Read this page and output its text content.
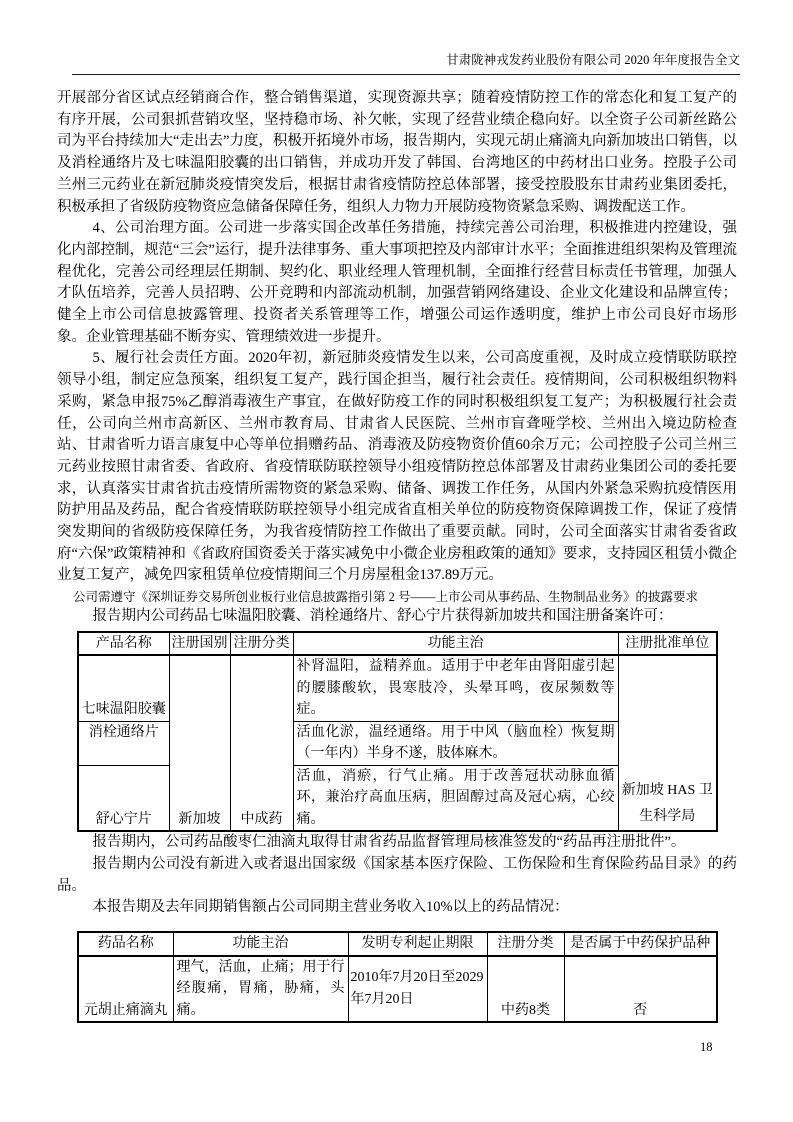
甘肃陇神戎发药业股份有限公司 2020 年年度报告全文

开展部分省区试点经销商合作，整合销售渠道，实现资源共享；随着疫情防控工作的常态化和复工复产的有序开展，公司狠抓营销攻坚，坚持稳市场、补欠帐，实现了经营业绩企稳向好。以全资子公司新丝路公司为平台持续加大“走出去”力度，积极开拓境外市场，报告期内，实现元胡止痛滴丸向新加坡出口销售，以及消栓通络片及七味温阳胶囊的出口销售，并成功开发了韩国、台湾地区的中药材出口业务。控股子公司兰州三元药业在新冠肺炎疫情突发后，根据甘肃省疫情防控总体部署，接受控股股东甘肃药业集团委托，积极承担了省级防疫物资应急储备保障任务，组织人力物力开展防疫物资紧急采购、调拨配送工作。

4、公司治理方面。公司进一步落实国企改革任务措施，持续完善公司治理，积极推进内控建设，强化内部控制，规范“三会”运行，提升法律事务、重大事项把控及内部审计水平；全面推进组织架构及管理流程优化，完善公司经理层任期制、契约化、职业经理人管理机制，全面推行经营目标责任书管理，加强人才队伍培养，完善人员招聘、公开竞聘和内部流动机制，加强营销网络建设、企业文化建设和品牌宣传；健全上市公司信息披露管理、投资者关系管理等工作，增强公司运作透明度，维护上市公司良好市场形象。企业管理基础不断夯实、管理绩效进一步提升。

5、履行社会责任方面。2020年初，新冠肺炎疫情发生以来，公司高度重视，及时成立疫情联防联控领导小组，制定应急预案，组织复工复产，践行国企担当，履行社会责任。疫情期间，公司积极组织物料采购，紧急申报75%乙醇消毒液生产事宜，在做好防疫工作的同时积极组织复工复产；为积极履行社会责任，公司向兰州市高新区、兰州市教育局、甘肃省人民医院、兰州市盲聋哑学校、兰州出入境边防检查站、甘肃省听力语言康复中心等单位捐赠药品、消毒液及防疫物资价值60余万元；公司控股子公司兰州三元药业按照甘肃省委、省政府、省疫情联防联控领导小组疫情防控总体部署及甘肃药业集团公司的委托要求，认真落实甘肃省抗击疫情所需物资的紧急采购、储备、调拨工作任务，从国内外紧急采购抗疫情医用防护用品及药品，配合省疫情联防联控领导小组完成省直相关单位的防疫物资保障调拨工作，保证了疫情突发期间的省级防疫保障任务，为我省疫情防控工作做出了重要贡献。同时，公司全面落实甘肃省委省政府“六保”政策精神和《省政府国资委关于落实减免中小微企业房租政策的通知》要求，支持园区租赁小微企业复工复产，减免四家租赁单位疫情期间三个月房屋租金137.89万元。

公司需遵守《深圳证券交易所创业板行业信息披露指引第 2 号——上市公司从事药品、生物制品业务》的披露要求

报告期内公司药品七味温阳胶囊、消栓通络片、舒心宁片获得新加坡共和国注册备案许可：

产品名称	注册国别	注册分类	功能主治	注册批准单位
七味温阳胶囊	新加坡	中成药	补肾温阳，益精养血。适用于中老年由肾阳虚引起的腰膝酸软，畏寒肢冷，头晕耳鸣，夜尿频数等症。	新加坡 HAS 卫生科学局
消栓通络片			活血化淤，温经通络。用于中风（脑血栓）恢复期（一年内）半身不遂，肢体麻木。	
舒心宁片			活血，消瘀，行气止痛。用于改善冠状动脉血循环，兼治疗高血压病，胆固醇过高及冠心病，心绞痛。	

报告期内，公司药品酸枣仁油滴丸取得甘肃省药品监督管理局核准签发的“药品再注册批件”。

报告期内公司没有新进入或者退出国家级《国家基本医疗保险、工伤保险和生育保险药品目录》的药品。

本报告期及去年同期销售额占公司同期主营业务收入10%以上的药品情况：

药品名称	功能主治	发明专利起止期限	注册分类	是否属于中药保护品种
元胡止痛滴丸	理气，活血，止痛；用于行经腹痛，胃痛，胁痛，头痛。	2010年7月20日至2029年7月20日	中药8类	否
18
